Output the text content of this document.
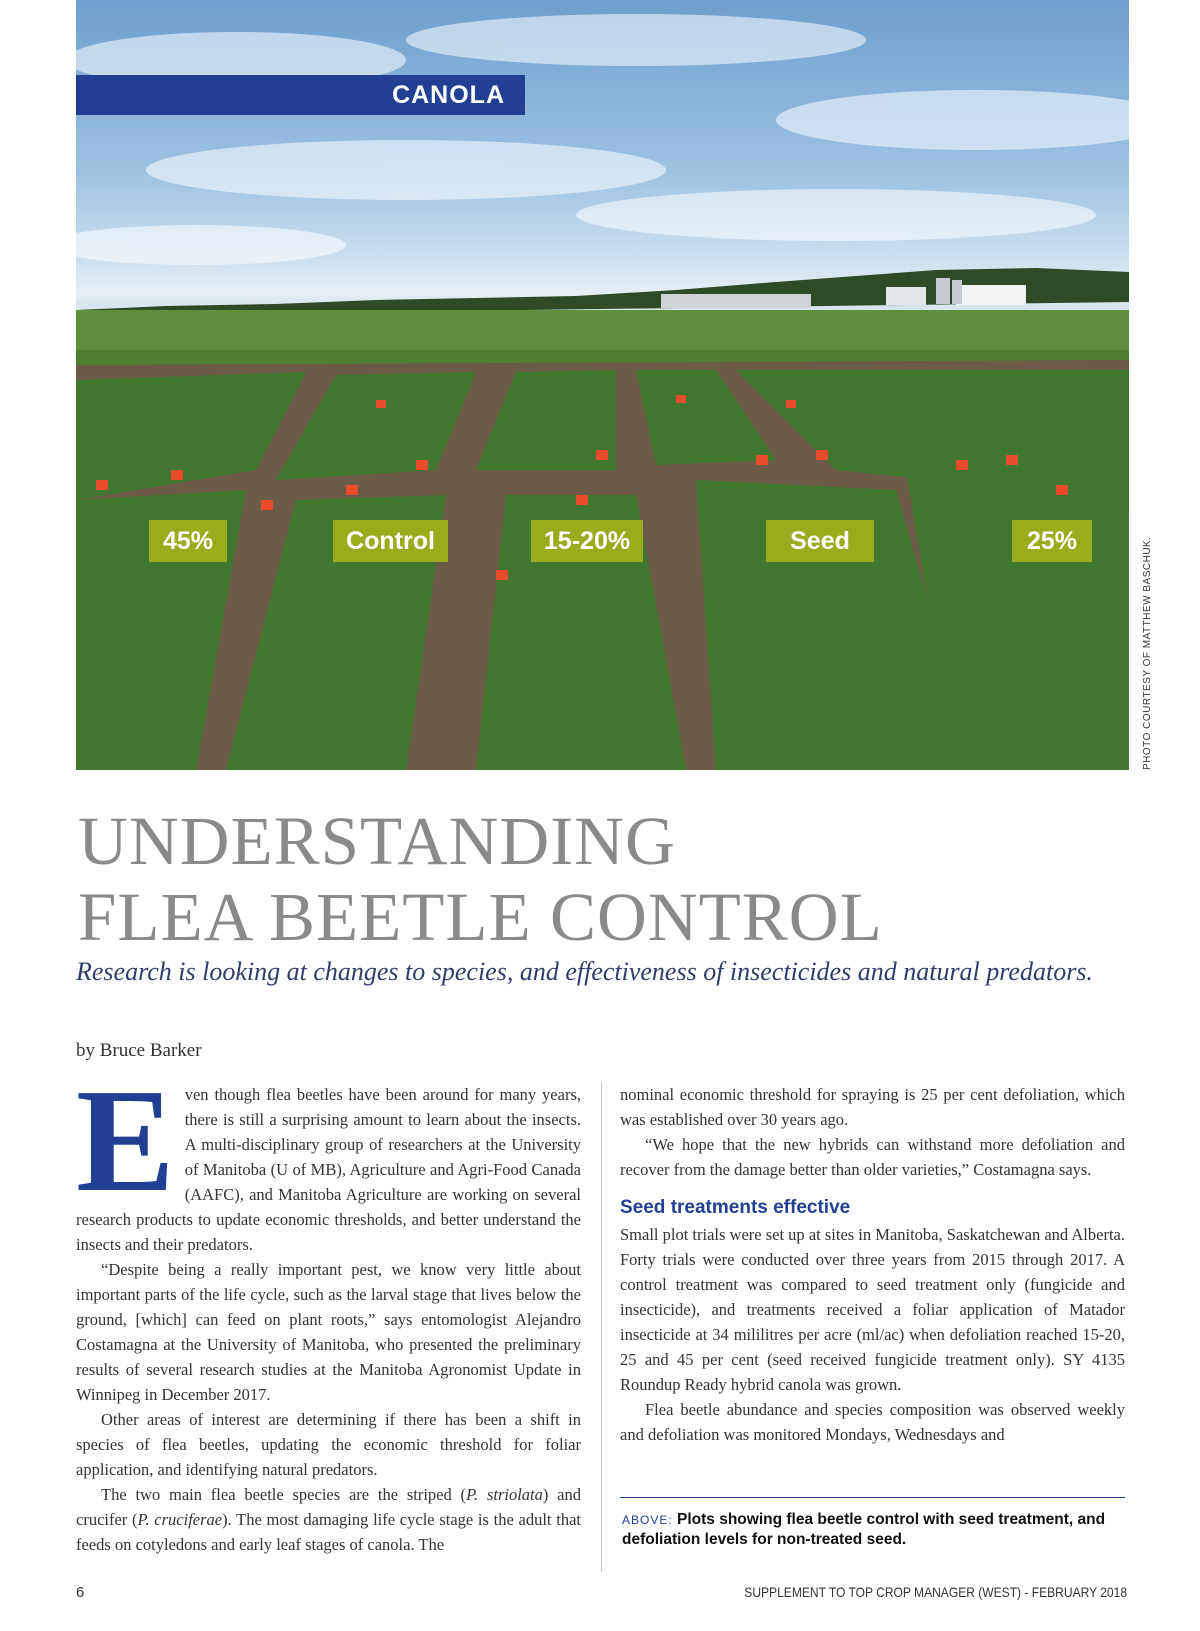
CANOLA
45%	Control	15-20%	Seed	25%	PHOTO COURTESY OF MATTHEW BASCHUK.
UNDERSTANDING
FLEA BEETLE CONTROL
Research is looking at changes to species, and effectiveness of insecticides and natural predators.
by Bruce Barker

Even though flea beetles have been around for many years, there is still a surprising amount to learn about the insects. A multi-disciplinary group of researchers at the University of Manitoba (U of MB), Agriculture and Agri-Food Canada (AAFC), and Manitoba Agriculture are working on several research products to update economic thresholds, and better understand the insects and their predators.

“Despite being a really important pest, we know very little about important parts of the life cycle, such as the larval stage that lives below the ground, [which] can feed on plant roots,” says entomologist Alejandro Costamagna at the University of Manitoba, who presented the preliminary results of several research studies at the Manitoba Agronomist Update in Winnipeg in December 2017.

Other areas of interest are determining if there has been a shift in species of flea beetles, updating the economic threshold for foliar application, and identifying natural predators.

The two main flea beetle species are the striped (P. striolata) and crucifer (P. cruciferae). The most damaging life cycle stage is the adult that feeds on cotyledons and early leaf stages of canola. The

nominal economic threshold for spraying is 25 per cent defoliation, which was established over 30 years ago.

“We hope that the new hybrids can withstand more defoliation and recover from the damage better than older varieties,” Costamagna says.

Seed treatments effective

Small plot trials were set up at sites in Manitoba, Saskatchewan and Alberta. Forty trials were conducted over three years from 2015 through 2017. A control treatment was compared to seed treatment only (fungicide and insecticide), and treatments received a foliar application of Matador insecticide at 34 mililitres per acre (ml/ac) when defoliation reached 15-20, 25 and 45 per cent (seed received fungicide treatment only). SY 4135 Roundup Ready hybrid canola was grown.

Flea beetle abundance and species composition was observed weekly and defoliation was monitored Mondays, Wednesdays and

ABOVE: Plots showing flea beetle control with seed treatment, and defoliation levels for non-treated seed.
6	SUPPLEMENT TO TOP CROP MANAGER (WEST) - FEBRUARY 2018
